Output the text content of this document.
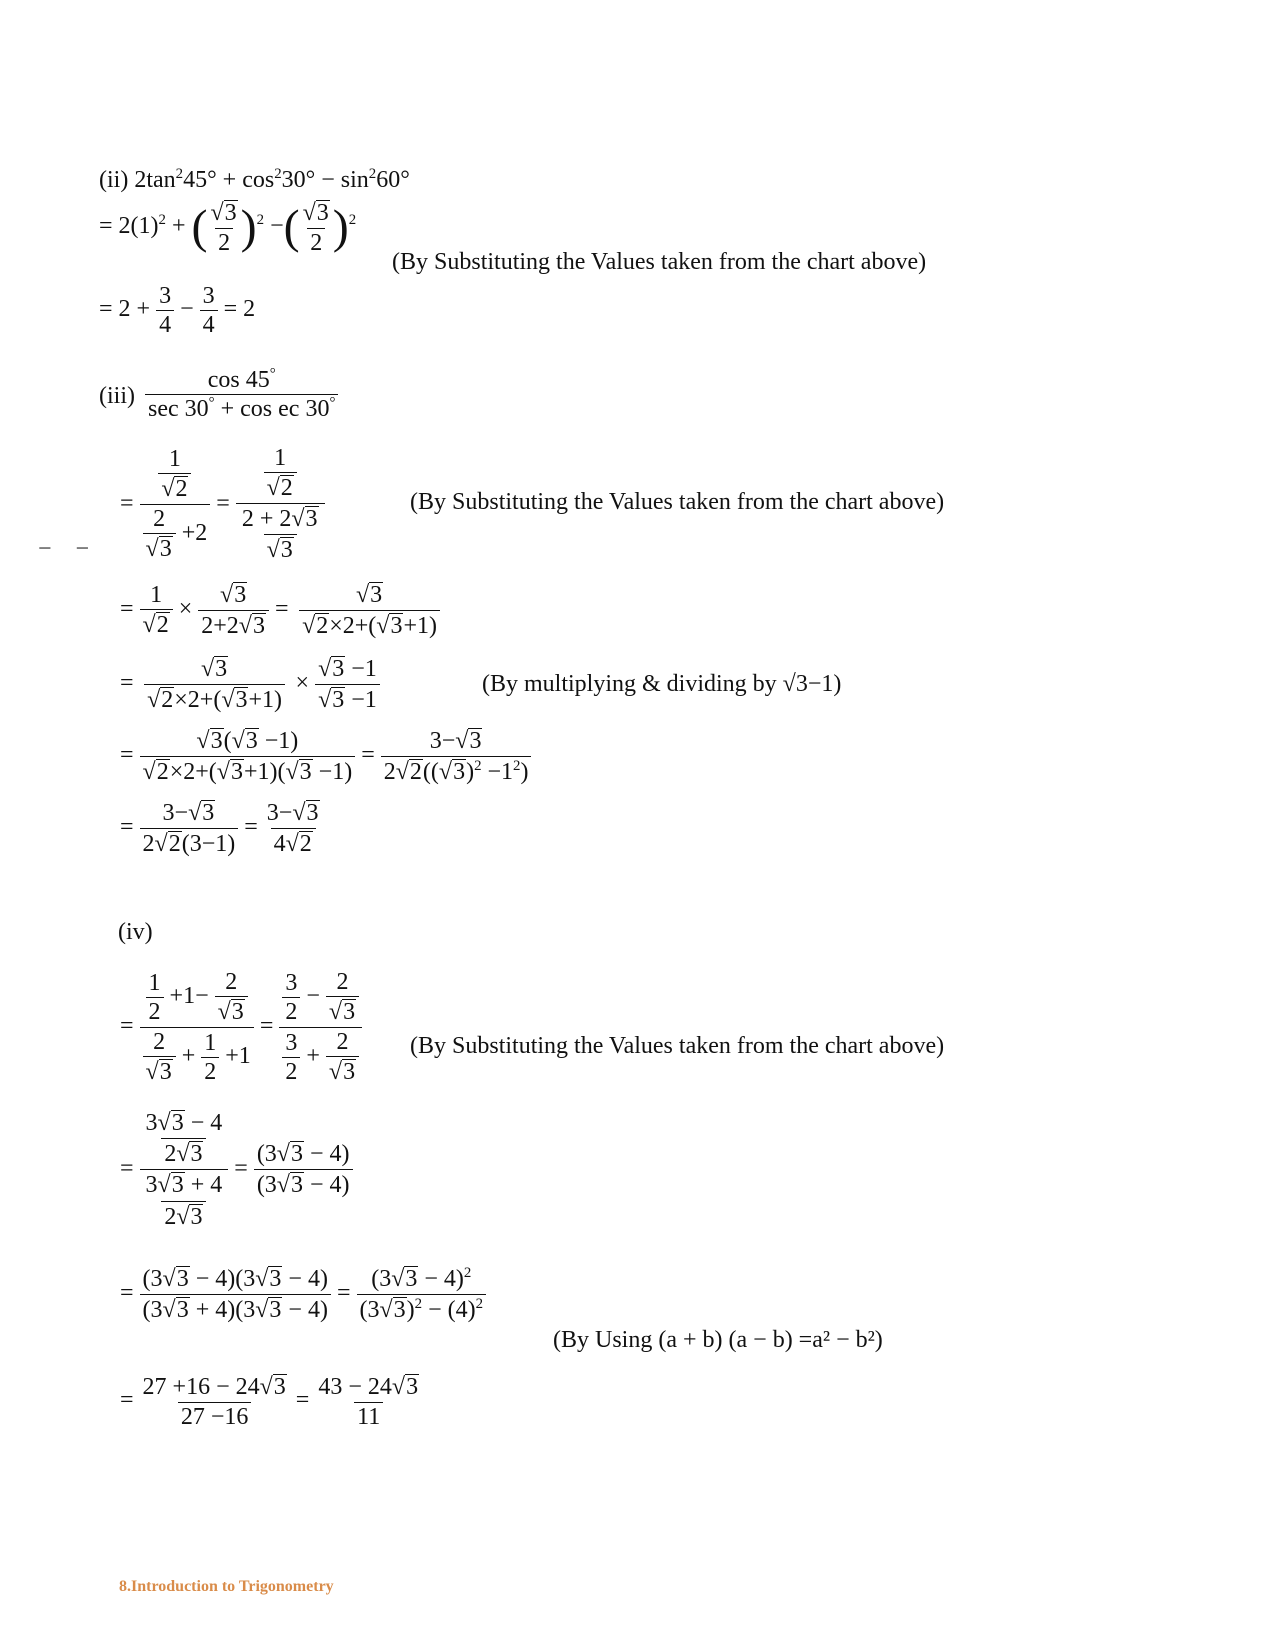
(ii) $2\tan^245^\circ + \cos^230^\circ - \sin^260^\circ$
= $2(1)^2$ + ( $\frac{√3}{2} )^2$ −( $\frac{√3}{2} )^2$
(By Substituting the Values taken from the chart above)
= $2 + \frac{3}{4} - \frac{3}{4} = 2$
$(iii) \frac{\cos 45^\circ}{\sec 30^\circ + \cos ec 30^\circ}$
= $\frac{\frac{1}{√2}}{\frac{2}{√3} +2} = \frac{\frac{1}{√2}}{\frac{2 + 2√3}{√3}}$	(By Substituting the Values taken from the chart above)
−    −
= $\frac{1}{√2} \times \frac{√3}{2+2√3} = \frac{√3}{√2\times 2+(√3+1)}$
= $\frac{√3}{√2\times 2+(√3+1)} \times \frac{√3 -1}{√3 -1}$	(By multiplying & dividing by √3−1)
= $\frac{√3(√3 -1)}{√2\times 2+(√3+1)(√3 -1)} = \frac{3-√3}{2√2((√3)^2 -1^2)}$
= $\frac{3-√3}{2√2(3-1)} = \frac{3-√3}{4√2}$
(iv)
= $\frac{\frac{1}{2} +1- \frac{2}{√3}}{\frac{2}{√3} + \frac{1}{2} +1} = \frac{\frac{3}{2} - \frac{2}{√3}}{\frac{3}{2} + \frac{2}{√3}} (By$ Substituting the Values taken from the chart above)
= $\frac{\frac{3√3 - 4}{2√3}}{\frac{3√3 + 4}{2√3}} = \frac{(3√3 - 4)}{(3√3 - 4)}$
= $\frac{(3√3 - 4)(3√3 - 4)}{(3√3 + 4)(3√3 - 4)} = \frac{(3√3 - 4)^2}{(3√3)^2 - (4)^2}$
(By Using (a + b) (a − b) =a² − b²)
= $\frac{27 +16 - 24√3}{27 -16} = \frac{43 - 24√3}{11}$
8.Introduction to Trigonometry
